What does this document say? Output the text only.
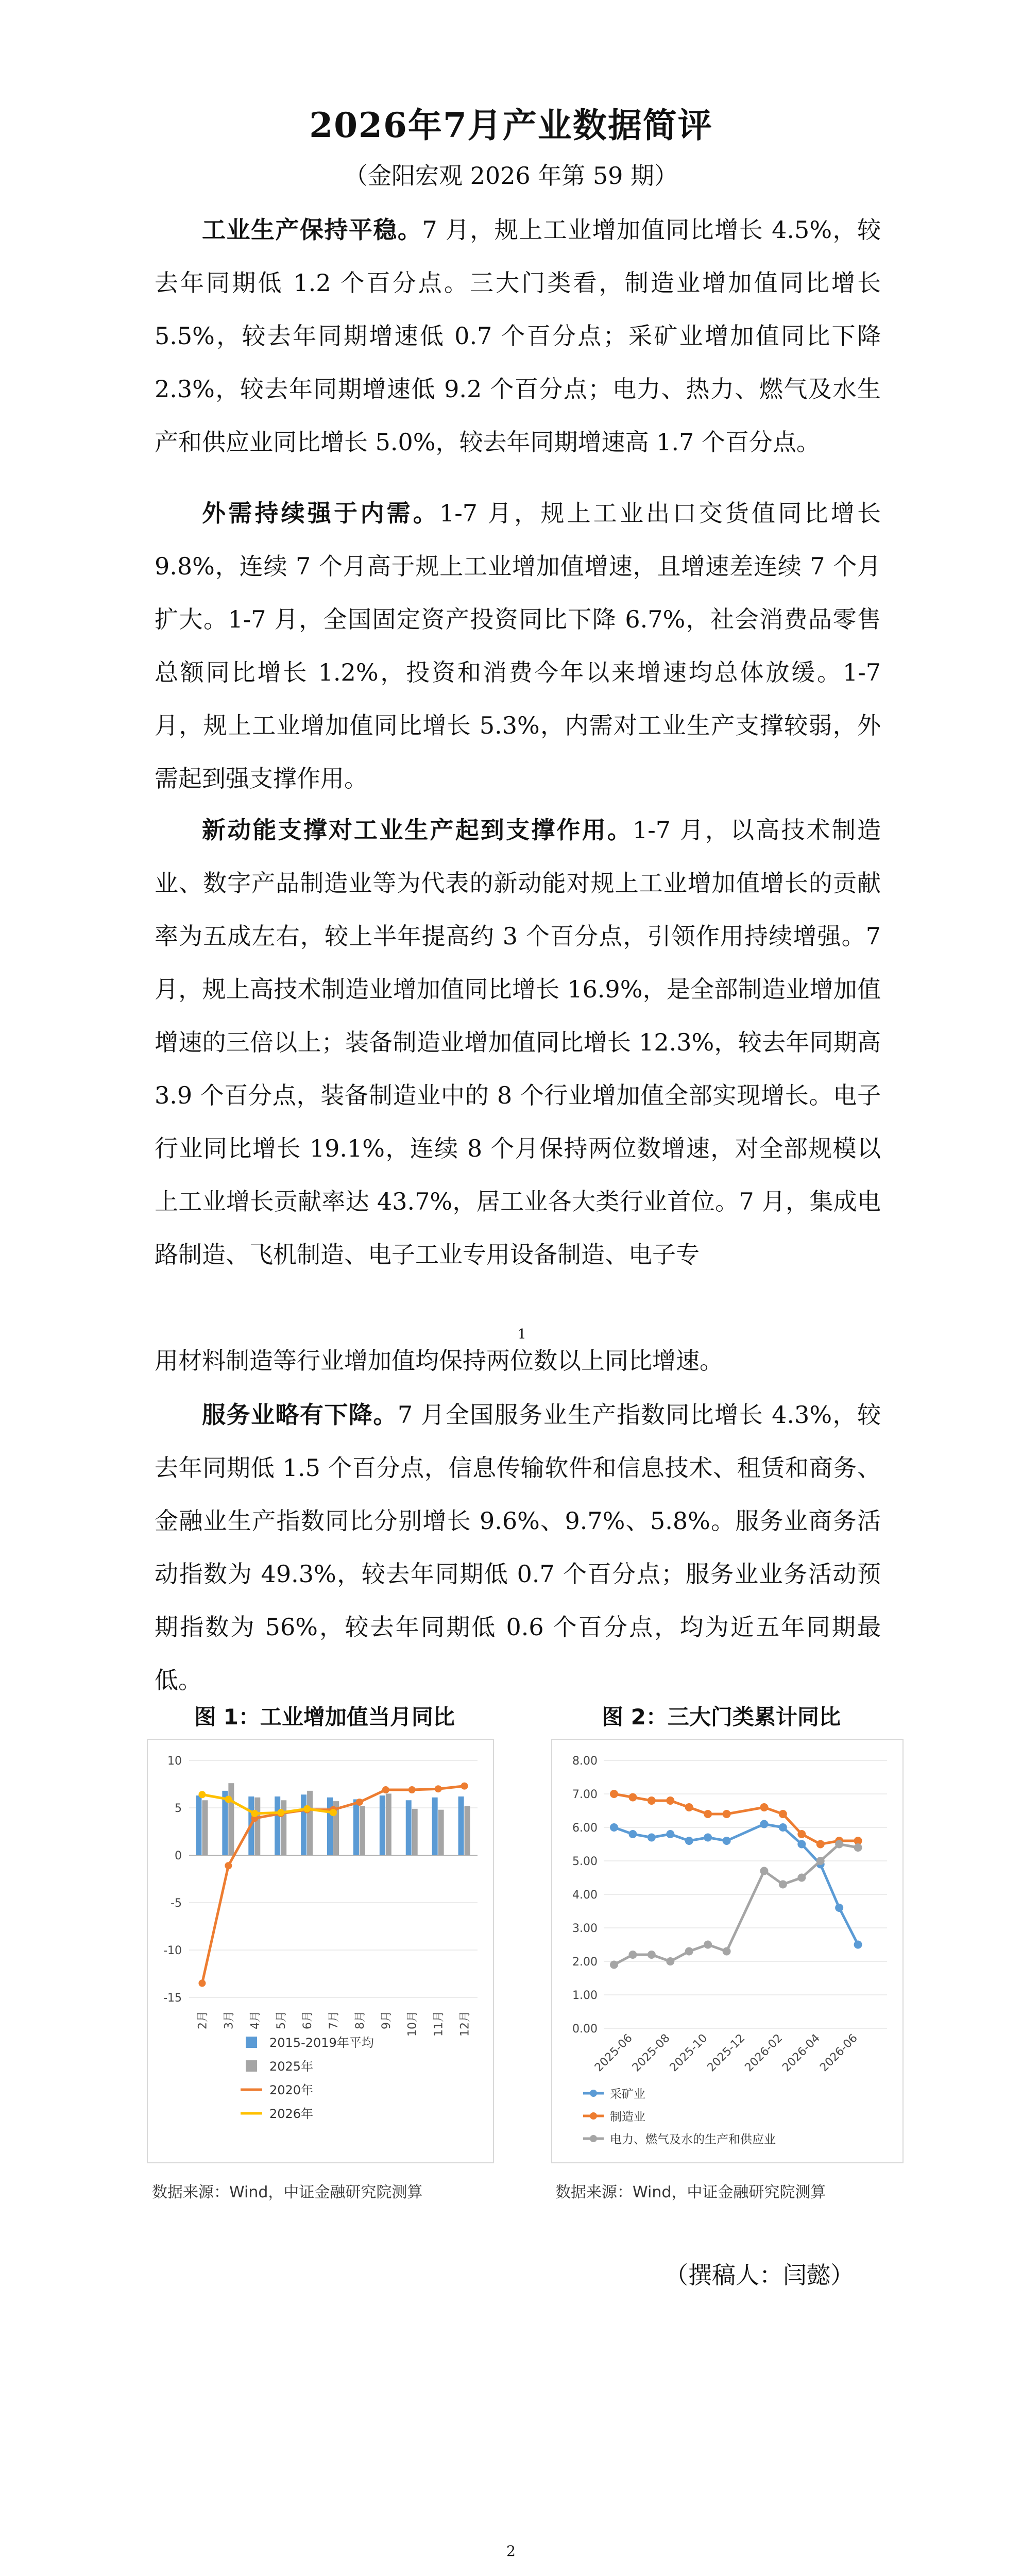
2026年7月产业数据简评
（金阳宏观 2026 年第 59 期）

工业生产保持平稳。7 月，规上工业增加值同比增长 4.5%，较去年同期低 1.2 个百分点。三大门类看，制造业增加值同比增长 5.5%，较去年同期增速低 0.7 个百分点；采矿业增加值同比下降 2.3%，较去年同期增速低 9.2 个百分点；电力、热力、燃气及水生产和供应业同比增长 5.0%，较去年同期增速高 1.7 个百分点。

外需持续强于内需。1-7 月，规上工业出口交货值同比增长 9.8%，连续 7 个月高于规上工业增加值增速，且增速差连续 7 个月扩大。1-7 月，全国固定资产投资同比下降 6.7%，社会消费品零售总额同比增长 1.2%，投资和消费今年以来增速均总体放缓。1-7 月，规上工业增加值同比增长 5.3%，内需对工业生产支撑较弱，外需起到强支撑作用。

新动能支撑对工业生产起到支撑作用。1-7 月，以高技术制造业、数字产品制造业等为代表的新动能对规上工业增加值增长的贡献率为五成左右，较上半年提高约 3 个百分点，引领作用持续增强。7 月，规上高技术制造业增加值同比增长 16.9%，是全部制造业增加值增速的三倍以上；装备制造业增加值同比增长 12.3%，较去年同期高 3.9 个百分点，装备制造业中的 8 个行业增加值全部实现增长。电子行业同比增长 19.1%，连续 8 个月保持两位数增速，对全部规模以上工业增长贡献率达 43.7%，居工业各大类行业首位。7 月，集成电路制造、飞机制造、电子工业专用设备制造、电子专

1

用材料制造等行业增加值均保持两位数以上同比增速。

服务业略有下降。7 月全国服务业生产指数同比增长 4.3%，较去年同期低 1.5 个百分点，信息传输软件和信息技术、租赁和商务、金融业生产指数同比分别增长 9.6%、9.7%、5.8%。服务业商务活动指数为 49.3%，较去年同期低 0.7 个百分点；服务业业务活动预期指数为 56%，较去年同期低 0.6 个百分点，均为近五年同期最低。

图 1：工业增加值当月同比
10
5
0
-5
-10
-15
2月 3月 4月 5月 6月 7月 8月 9月 10月 11月 12月
2015-2019年平均
2025年
2020年
2026年
数据来源：Wind，中证金融研究院测算
图 2：三大门类累计同比
8.00
7.00
6.00
5.00
4.00
3.00
2.00
1.00
0.00
2025-06
2025-08
2025-10
2025-12
2026-02
2026-04
2026-06
采矿业
制造业
电力、燃气及水的生产和供应业
数据来源：Wind，中证金融研究院测算
（撰稿人：闫懿）
2
